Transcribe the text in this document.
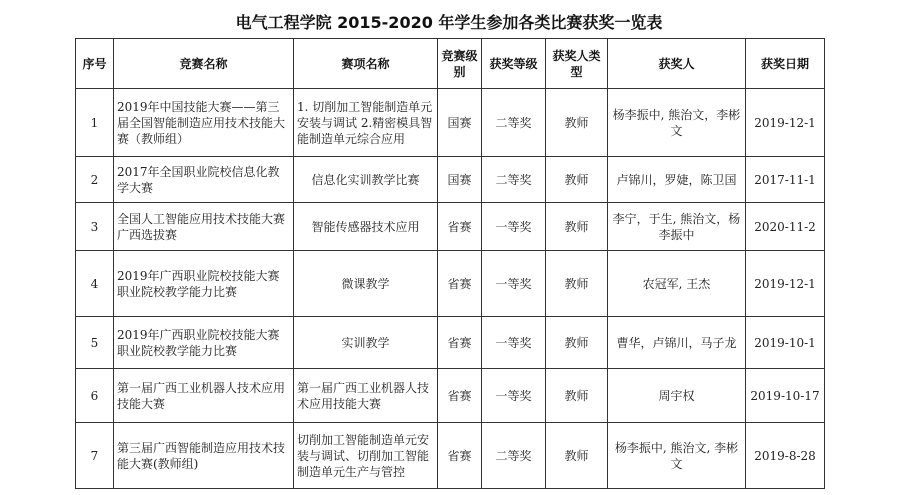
电气工程学院 2015-2020 年学生参加各类比赛获奖一览表
序号	竞赛名称	赛项名称	竞赛级别	获奖等级	获奖人类型	获奖人	获奖日期
1	2019年中国技能大赛——第三届全国智能制造应用技术技能大赛（教师组）	1. 切削加工智能制造单元安装与调试 2.精密模具智能制造单元综合应用	国赛	二等奖	教师	杨李振中, 熊治文，李彬文	2019-12-1
2	2017年全国职业院校信息化教学大赛	信息化实训教学比赛	国赛	二等奖	教师	卢锦川，罗婕，陈卫国	2017-11-1
3	全国人工智能应用技术技能大赛广西选拔赛	智能传感器技术应用	省赛	一等奖	教师	李宁，于生, 熊治文，杨李振中	2020-11-2
4	2019年广西职业院校技能大赛职业院校教学能力比赛	微课教学	省赛	一等奖	教师	农冠军, 王杰	2019-12-1
5	2019年广西职业院校技能大赛职业院校教学能力比赛	实训教学	省赛	一等奖	教师	曹华，卢锦川，马子龙	2019-10-1
6	第一届广西工业机器人技术应用技能大赛	第一届广西工业机器人技术应用技能大赛	省赛	一等奖	教师	周宇权	2019-10-17
7	第三届广西智能制造应用技术技能大赛(教师组)	切削加工智能制造单元安装与调试、切削加工智能制造单元生产与管控	省赛	二等奖	教师	杨李振中, 熊治文, 李彬文	2019-8-28
